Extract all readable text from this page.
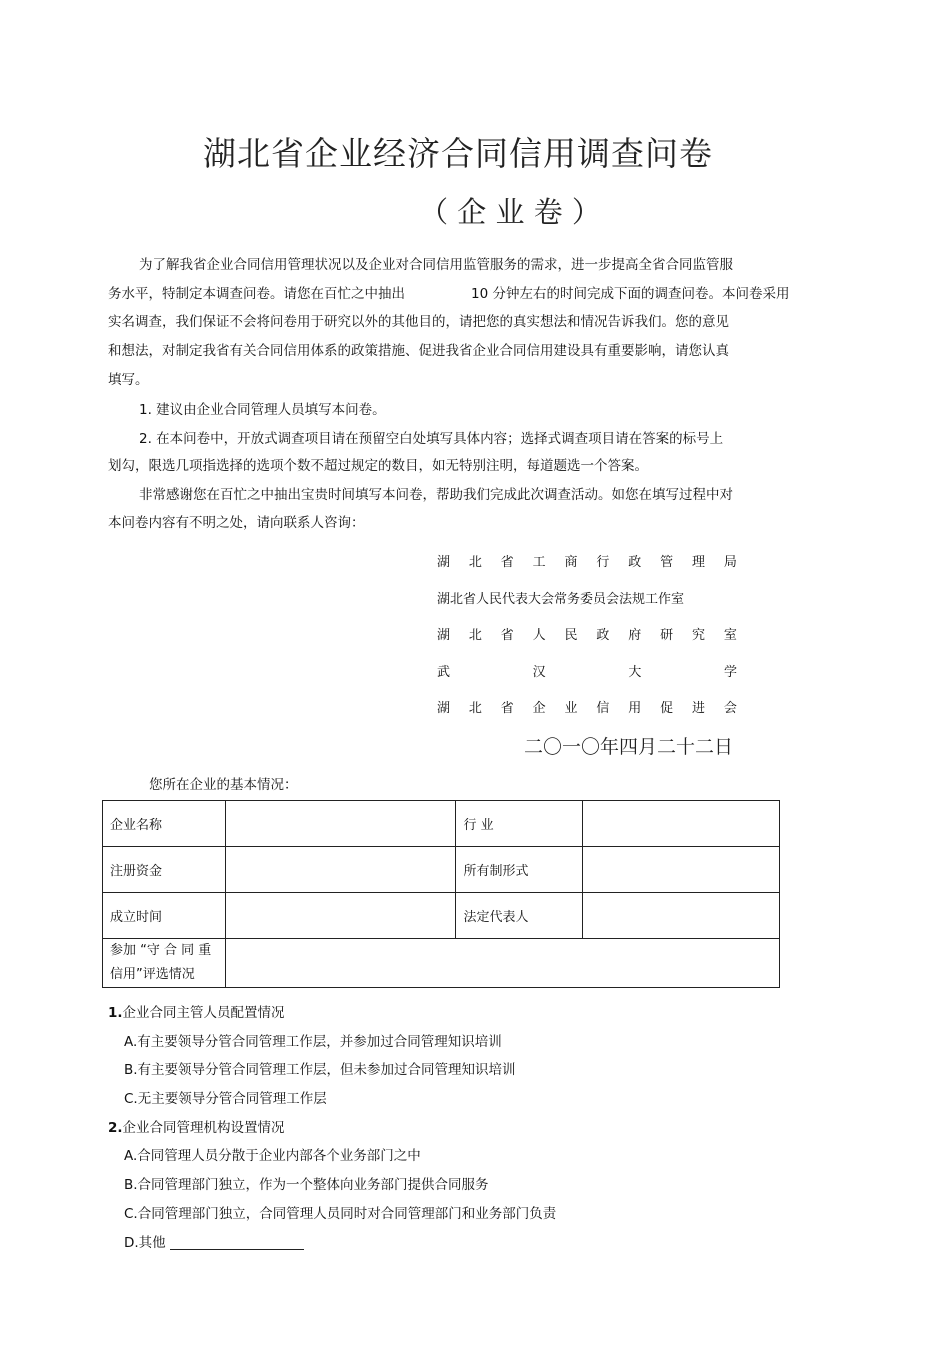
湖北省企业经济合同信用调查问卷
（ 企 业 卷 ）
为了解我省企业合同信用管理状况以及企业对合同信用监管服务的需求，进一步提高全省合同监管服
务水平，特制定本调查问卷。请您在百忙之中抽出	10 分钟左右的时间完成下面的调查问卷。本问卷采用
实名调查，我们保证不会将问卷用于研究以外的其他目的，请把您的真实想法和情况告诉我们。您的意见
和想法，对制定我省有关合同信用体系的政策措施、促进我省企业合同信用建设具有重要影响，请您认真
填写。
1. 建议由企业合同管理人员填写本问卷。
2. 在本问卷中，开放式调查项目请在预留空白处填写具体内容；选择式调查项目请在答案的标号上
划勾，限选几项指选择的选项个数不超过规定的数目，如无特别注明，每道题选一个答案。
非常感谢您在百忙之中抽出宝贵时间填写本问卷，帮助我们完成此次调查活动。如您在填写过程中对
本问卷内容有不明之处，请向联系人咨询：
湖 北 省 工 商 行 政 管 理 局
湖北省人民代表大会常务委员会法规工作室
湖 北 省 人 民 政 府 研 究 室
武	汉	大	学
湖 北 省 企 业 信 用 促 进 会
二〇一〇年四月二十二日
您所在企业的基本情况：
企业名称		行 业	
注册资金		所有制形式	
成立时间		法定代表人	

参加 “守 合 同 重
信用”评选情况			

1.企业合同主管人员配置情况
A.有主要领导分管合同管理工作层，并参加过合同管理知识培训
B.有主要领导分管合同管理工作层，但未参加过合同管理知识培训
C.无主要领导分管合同管理工作层
2.企业合同管理机构设置情况
A.合同管理人员分散于企业内部各个业务部门之中
B.合同管理部门独立，作为一个整体向业务部门提供合同服务
C.合同管理部门独立，合同管理人员同时对合同管理部门和业务部门负责
D.其他
